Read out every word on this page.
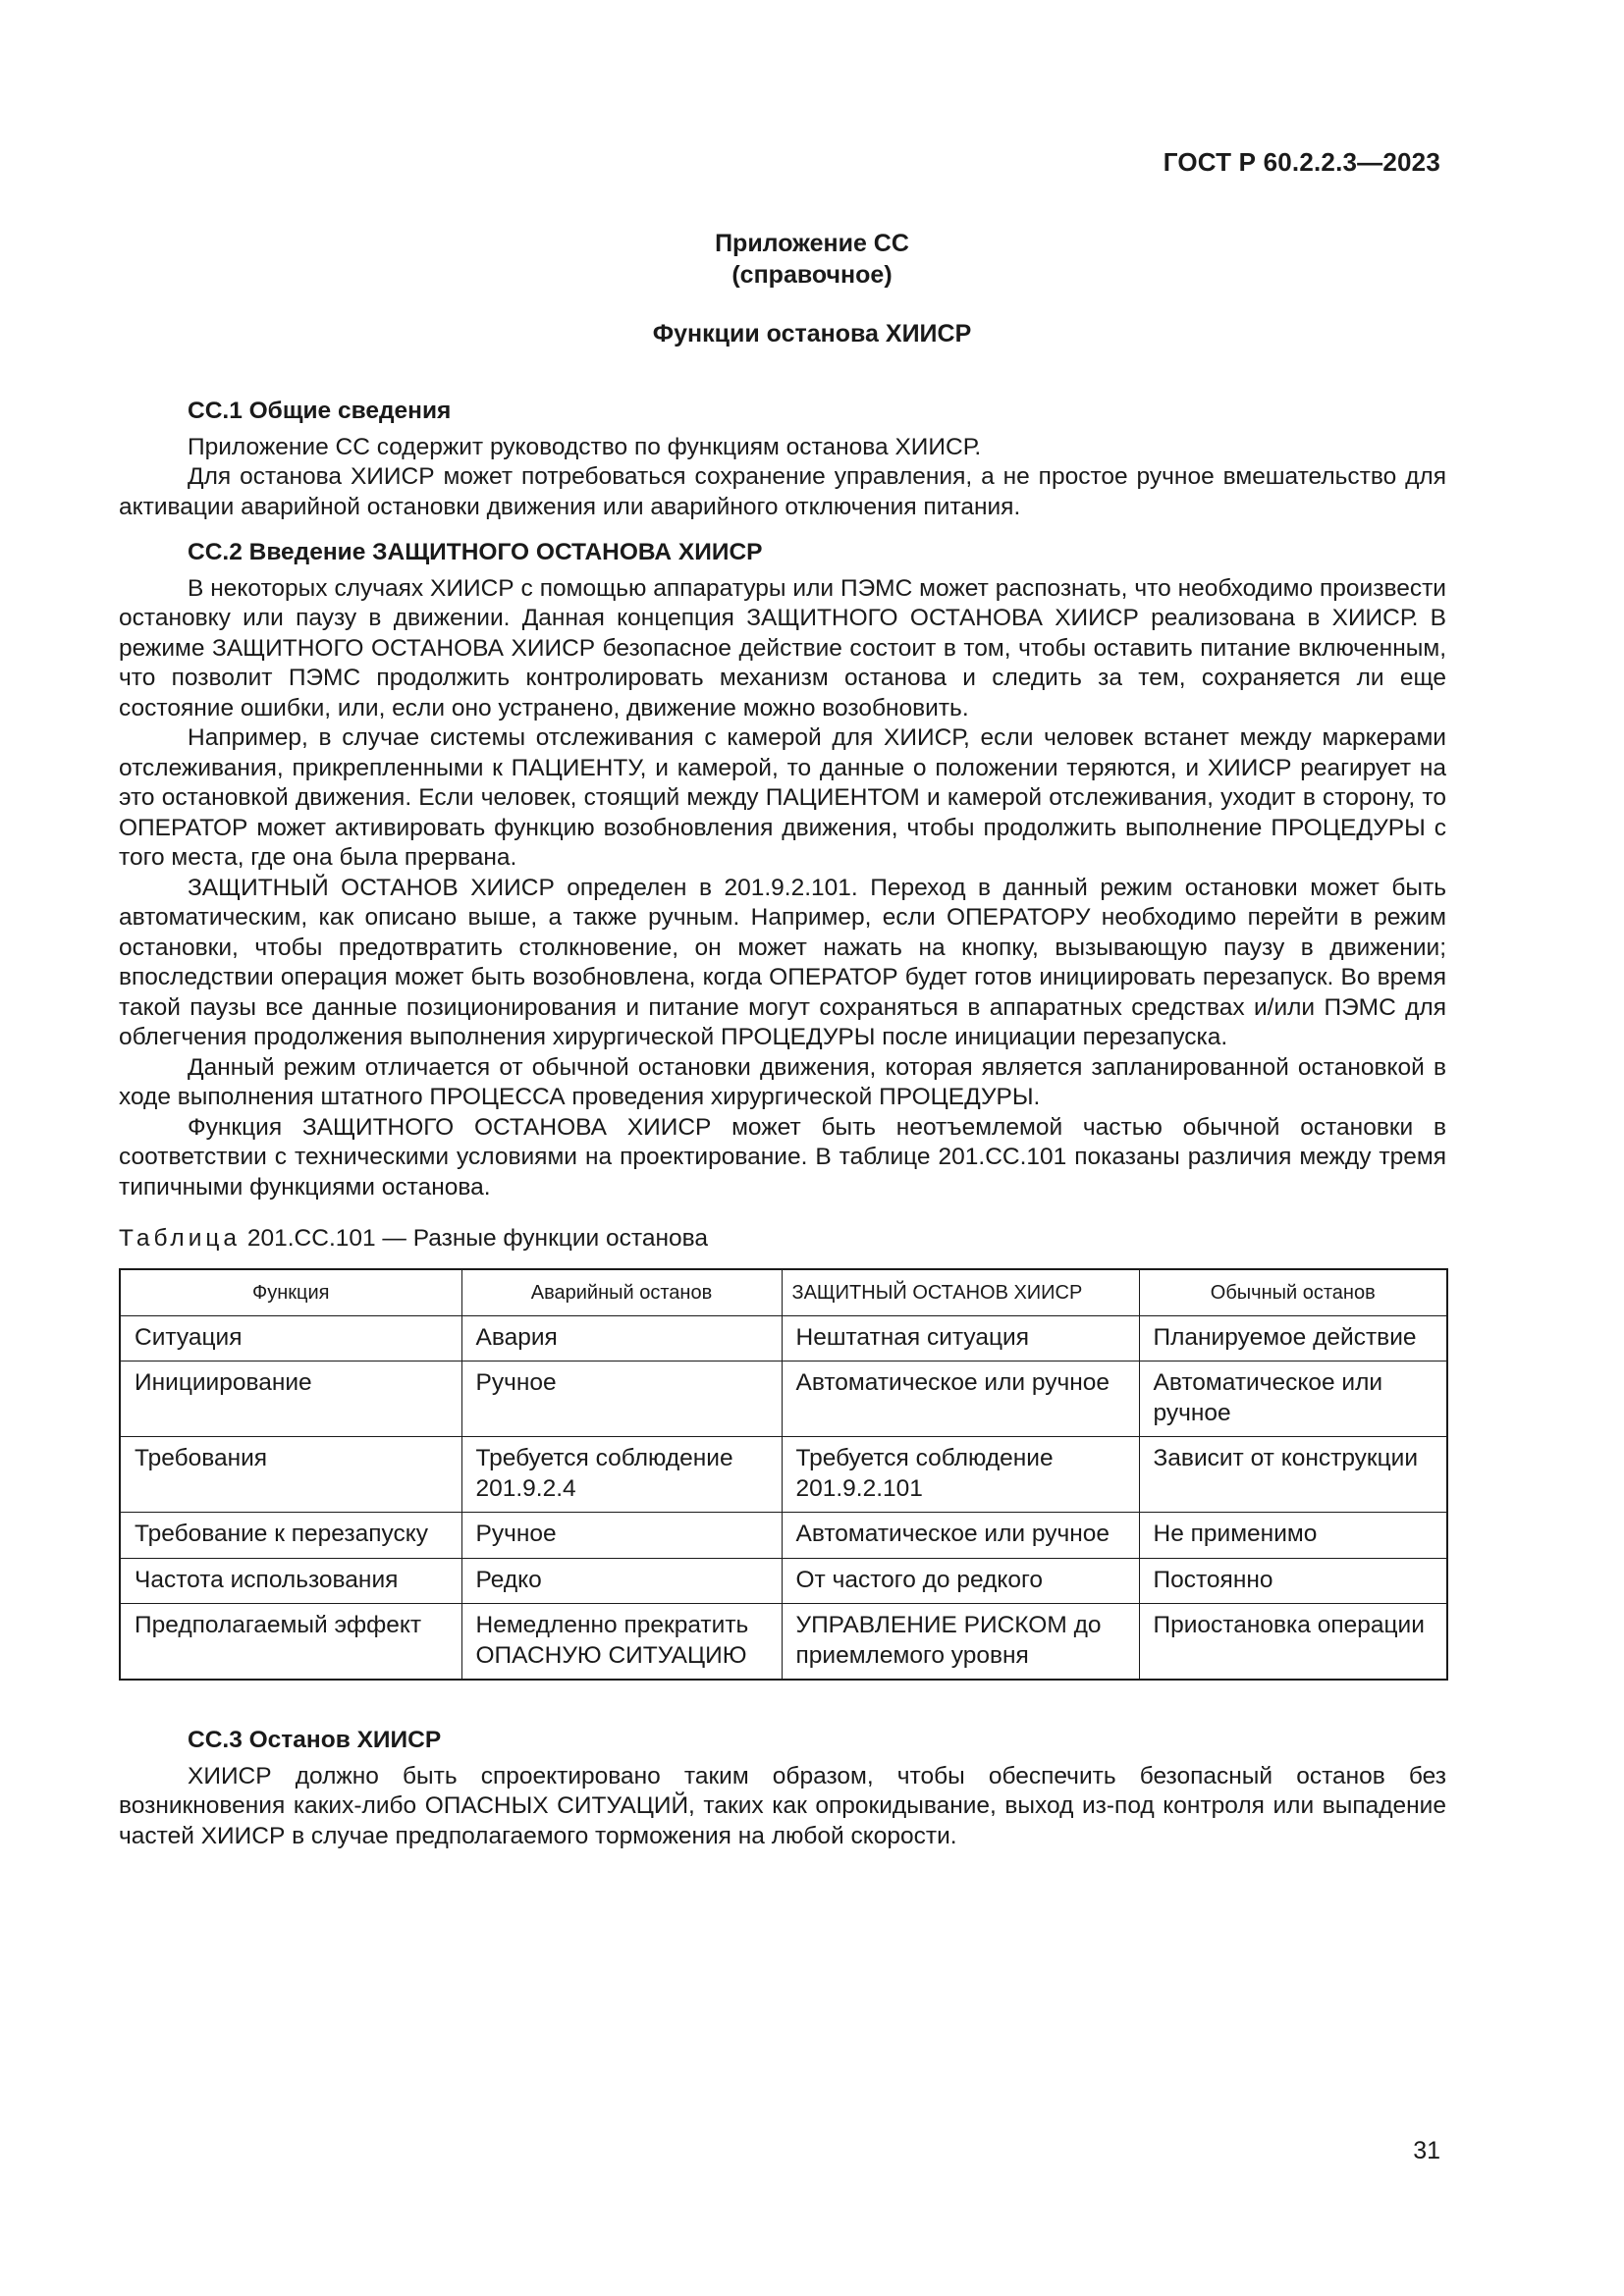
ГОСТ Р 60.2.2.3—2023
Приложение СС
(справочное)
Функции останова ХИИСР

СС.1 Общие сведения

Приложение СС содержит руководство по функциям останова ХИИСР.

Для останова ХИИСР может потребоваться сохранение управления, а не простое ручное вмешательство для активации аварийной остановки движения или аварийного отключения питания.

СС.2 Введение ЗАЩИТНОГО ОСТАНОВА ХИИСР

В некоторых случаях ХИИСР с помощью аппаратуры или ПЭМС может распознать, что необходимо произвести остановку или паузу в движении. Данная концепция ЗАЩИТНОГО ОСТАНОВА ХИИСР реализована в ХИИСР. В режиме ЗАЩИТНОГО ОСТАНОВА ХИИСР безопасное действие состоит в том, чтобы оставить питание включенным, что позволит ПЭМС продолжить контролировать механизм останова и следить за тем, сохраняется ли еще состояние ошибки, или, если оно устранено, движение можно возобновить.

Например, в случае системы отслеживания с камерой для ХИИСР, если человек встанет между маркерами отслеживания, прикрепленными к ПАЦИЕНТУ, и камерой, то данные о положении теряются, и ХИИСР реагирует на это остановкой движения. Если человек, стоящий между ПАЦИЕНТОМ и камерой отслеживания, уходит в сторону, то ОПЕРАТОР может активировать функцию возобновления движения, чтобы продолжить выполнение ПРОЦЕДУРЫ с того места, где она была прервана.

ЗАЩИТНЫЙ ОСТАНОВ ХИИСР определен в 201.9.2.101. Переход в данный режим остановки может быть автоматическим, как описано выше, а также ручным. Например, если ОПЕРАТОРУ необходимо перейти в режим остановки, чтобы предотвратить столкновение, он может нажать на кнопку, вызывающую паузу в движении; впоследствии операция может быть возобновлена, когда ОПЕРАТОР будет готов инициировать перезапуск. Во время такой паузы все данные позиционирования и питание могут сохраняться в аппаратных средствах и/или ПЭМС для облегчения продолжения выполнения хирургической ПРОЦЕДУРЫ после инициации перезапуска.

Данный режим отличается от обычной остановки движения, которая является запланированной остановкой в ходе выполнения штатного ПРОЦЕССА проведения хирургической ПРОЦЕДУРЫ.

Функция ЗАЩИТНОГО ОСТАНОВА ХИИСР может быть неотъемлемой частью обычной остановки в соответствии с техническими условиями на проектирование. В таблице 201.СС.101 показаны различия между тремя типичными функциями останова.

Таблица 201.СС.101 — Разные функции останова
Функция	Аварийный останов	ЗАЩИТНЫЙ ОСТАНОВ ХИИСР	Обычный останов
Ситуация	Авария	Нештатная ситуация	Планируемое действие
Инициирование	Ручное	Автоматическое или ручное	Автоматическое или ручное
Требования	Требуется соблюдение 201.9.2.4	Требуется соблюдение 201.9.2.101	Зависит от конструкции
Требование к перезапуску	Ручное	Автоматическое или ручное	Не применимо
Частота использования	Редко	От частого до редкого	Постоянно
Предполагаемый эффект	Немедленно прекратить ОПАСНУЮ СИТУАЦИЮ	УПРАВЛЕНИЕ РИСКОМ до приемлемого уровня	Приостановка операции

СС.3 Останов ХИИСР

ХИИСР должно быть спроектировано таким образом, чтобы обеспечить безопасный останов без возникновения каких-либо ОПАСНЫХ СИТУАЦИЙ, таких как опрокидывание, выход из-под контроля или выпадение частей ХИИСР в случае предполагаемого торможения на любой скорости.

31
